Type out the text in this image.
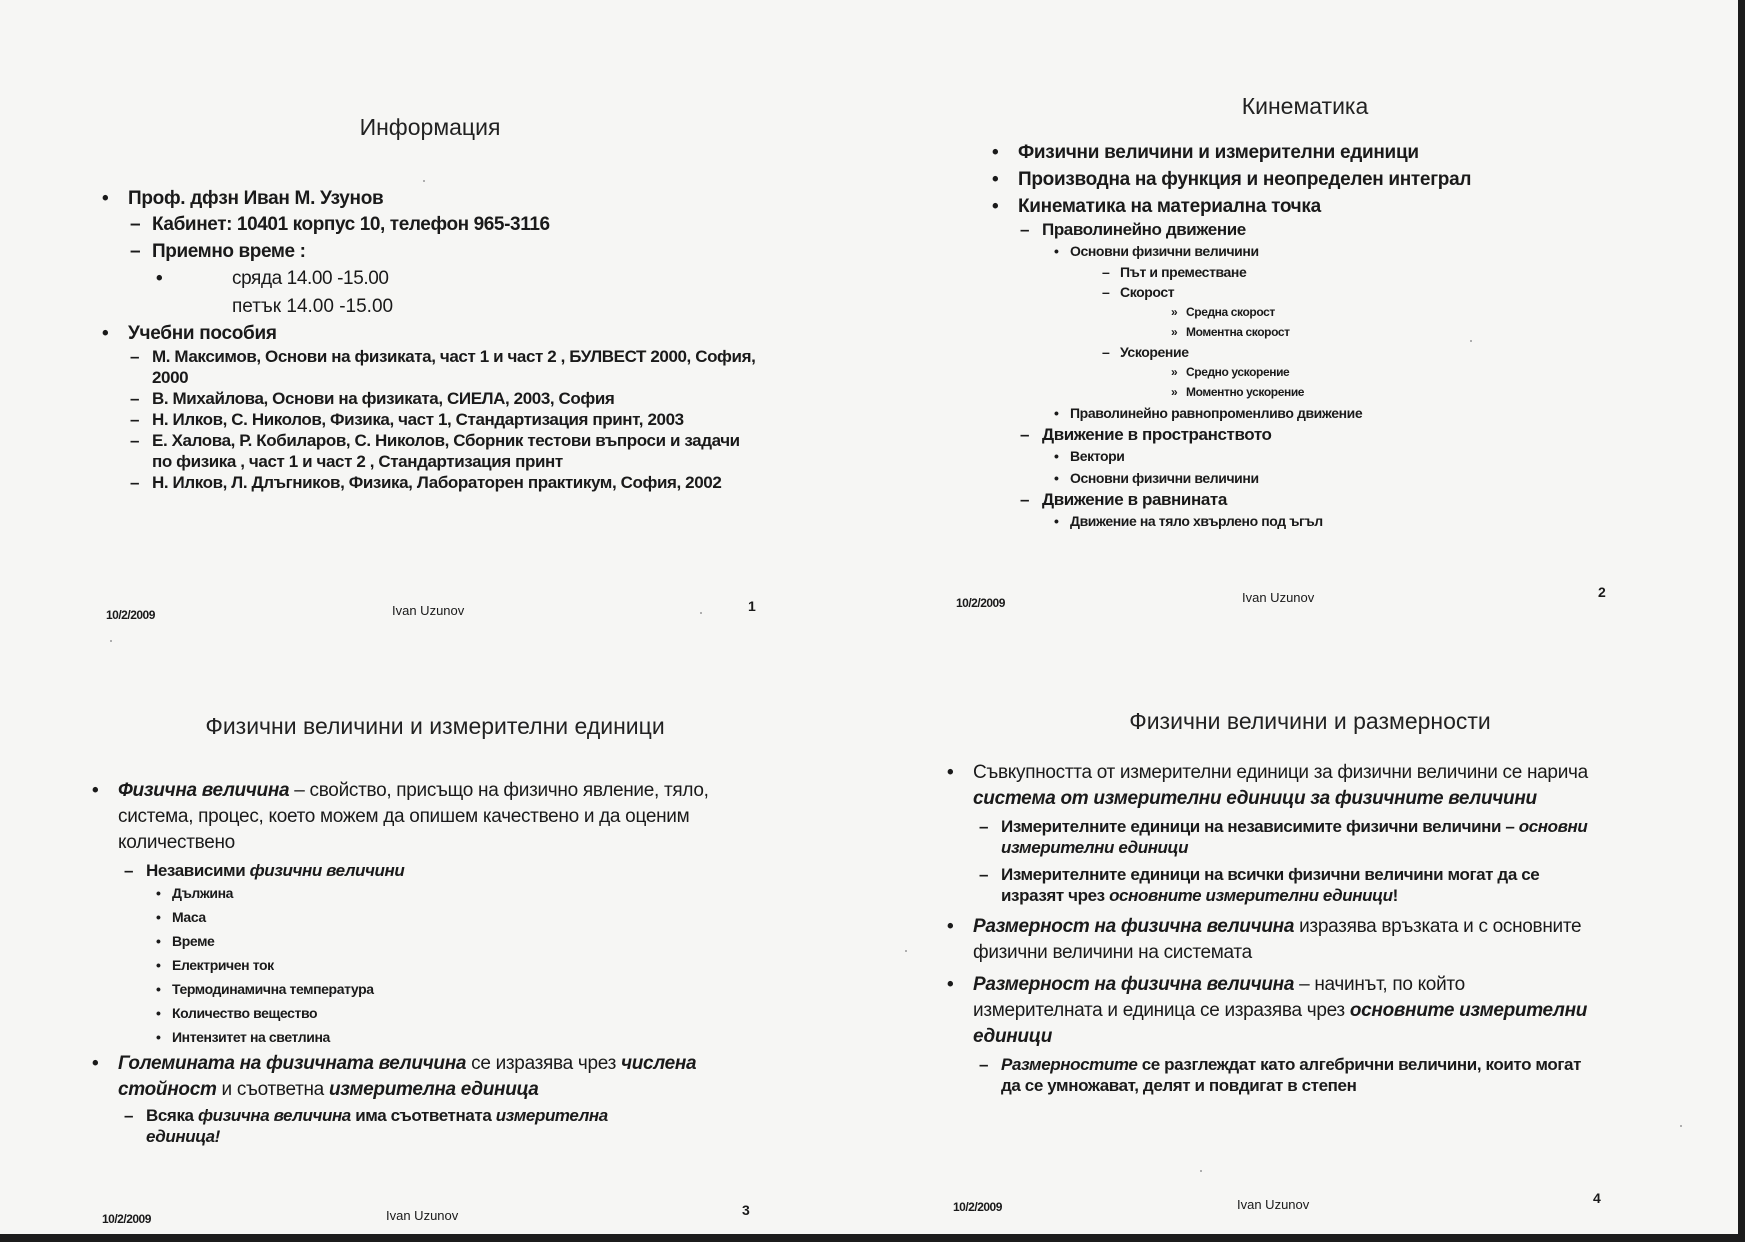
Информация
• Проф. дфзн Иван М. Узунов
– Кабинет: 10401 корпус 10, телефон 965-3116
– Приемно време :
• сряда 14.00 -15.00
петък 14.00 -15.00
• Учебни пособия
– М. Максимов, Основи на физиката, част 1 и част 2 , БУЛВЕСТ 2000, София, 2000
– В. Михайлова, Основи на физиката, СИЕЛА, 2003, София
– Н. Илков, С. Николов, Физика, част 1, Стандартизация принт, 2003
– Е. Халова, Р. Кобиларов, С. Николов, Сборник тестови въпроси и задачи по физика , част 1 и част 2 , Стандартизация принт
– Н. Илков, Л. Длъгников, Физика, Лабораторен практикум, София, 2002
10/2/2009	Ivan Uzunov	1
Кинематика
• Физични величини и измерителни единици
• Производна на функция и неопределен интеграл
• Кинематика на материална точка
– Праволинейно движение
• Основни физични величини
– Път и преместване
– Скорост
» Средна скорост
» Моментна скорост
– Ускорение
» Средно ускорение
» Моментно ускорение
• Праволинейно равнопроменливо движение
– Движение в пространството
• Вектори
• Основни физични величини
– Движение в равнината
• Движение на тяло хвърлено под ъгъл
10/2/2009	Ivan Uzunov	2
Физични величини и измерителни единици
• Физична величина – свойство, присъщо на физично явление, тяло, система, процес, което можем да опишем качествено и да оценим количествено
– Независими физични величини
• Дължина
• Маса
• Време
• Електричен ток
• Термодинамична температура
• Количество вещество
• Интензитет на светлина
• Големината на физичната величина се изразява чрез числена стойност и съответна измерителна единица
– Всяка физична величина има съответната измерителна единица!
10/2/2009	Ivan Uzunov	3
Физични величини и размерности
• Съвкупността от измерителни единици за физични величини се нарича система от измерителни единици за физичните величини
– Измерителните единици на независимите физични величини – основни измерителни единици
– Измерителните единици на всички физични величини могат да се изразят чрез основните измерителни единици!
• Размерност на физична величина изразява връзката и с основните физични величини на системата
• Размерност на физична величина – начинът, по който измерителната и единица се изразява чрез основните измерителни единици
– Размерностите се разглеждат като алгебрични величини, които могат да се умножават, делят и повдигат в степен
10/2/2009	Ivan Uzunov	4
